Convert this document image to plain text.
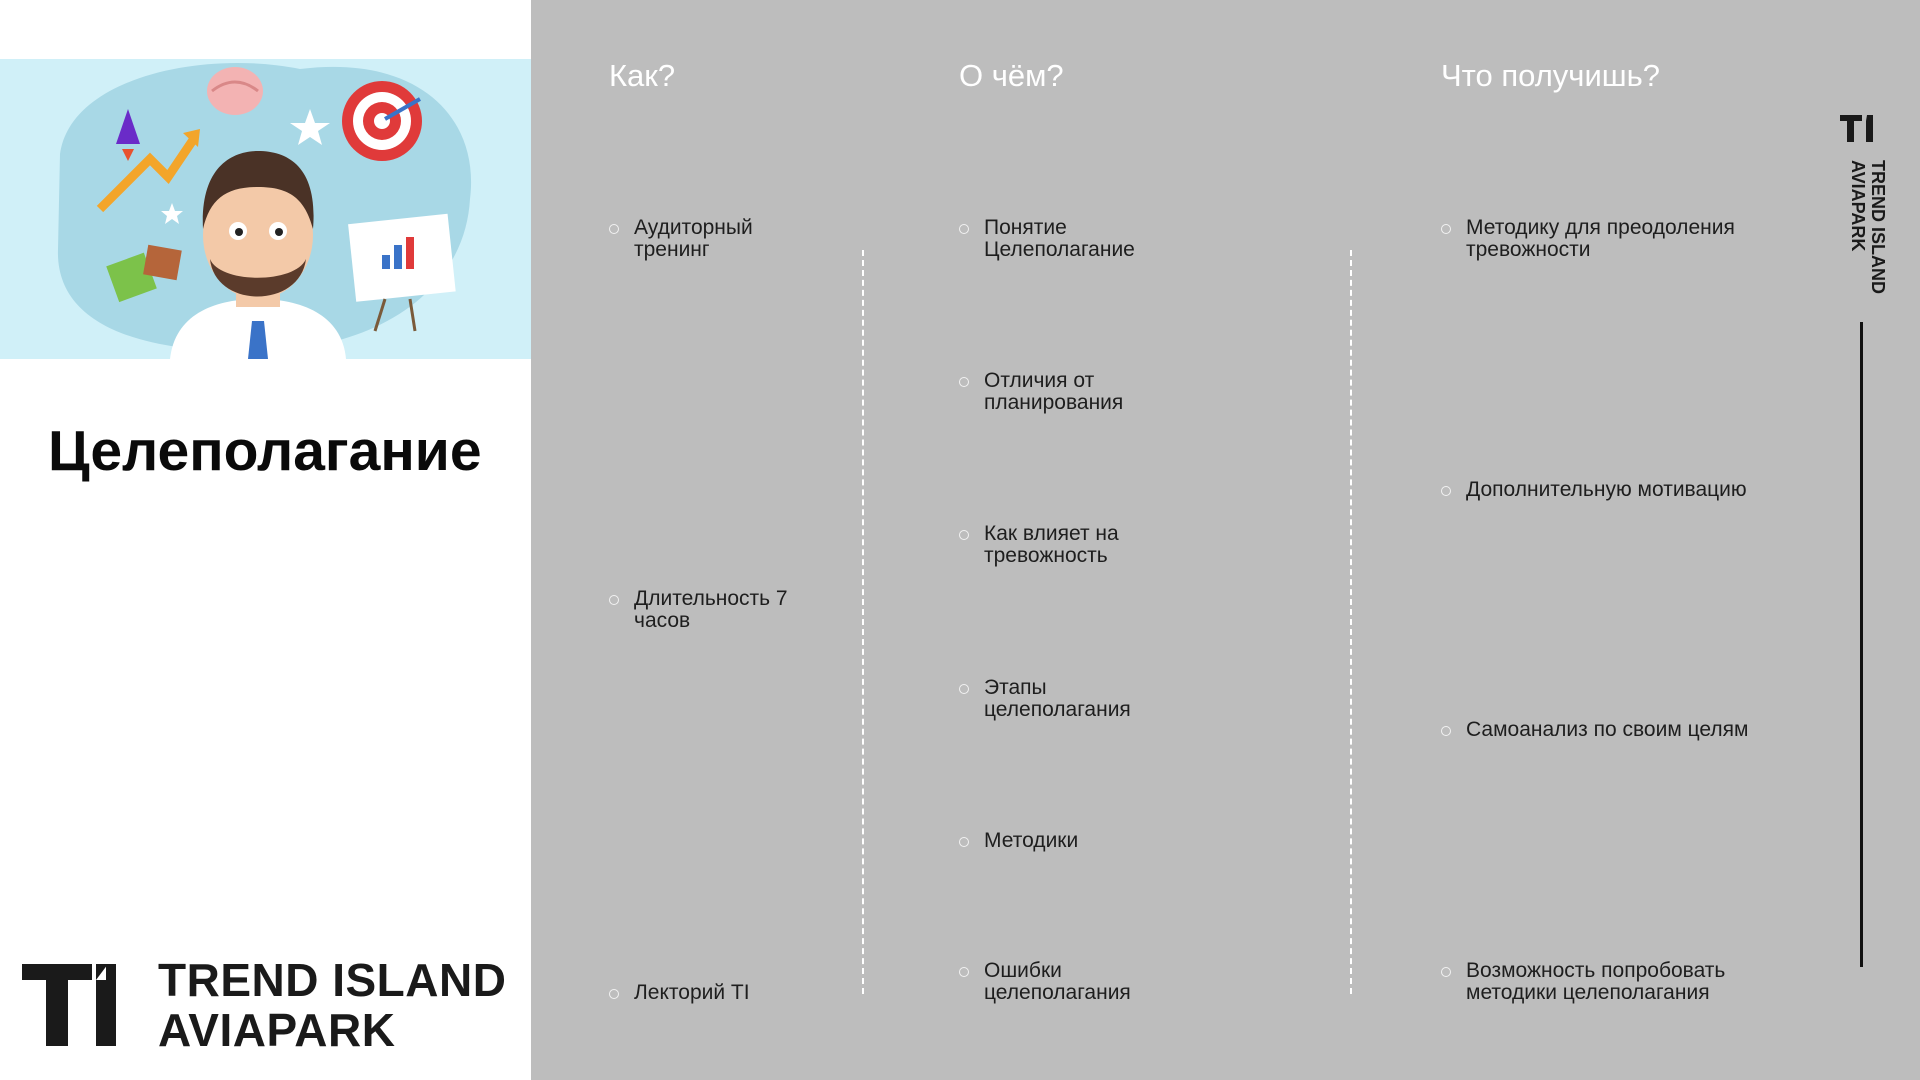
Целеполагание
TREND ISLAND
AVIAPARK
Как?	О чём?	Что получишь?
Аудиторный
тренинг
Длительность 7
часов
Лекторий TI
Понятие
Целеполагание
Отличия от
планирования
Как влияет на
тревожность
Этапы
целеполагания
Методики
Ошибки
целеполагания
Методику для преодоления
тревожности
Дополнительную мотивацию
Самоанализ по своим целям
Возможность попробовать
методики целеполагания
TREND ISLAND
AVIAPARK
